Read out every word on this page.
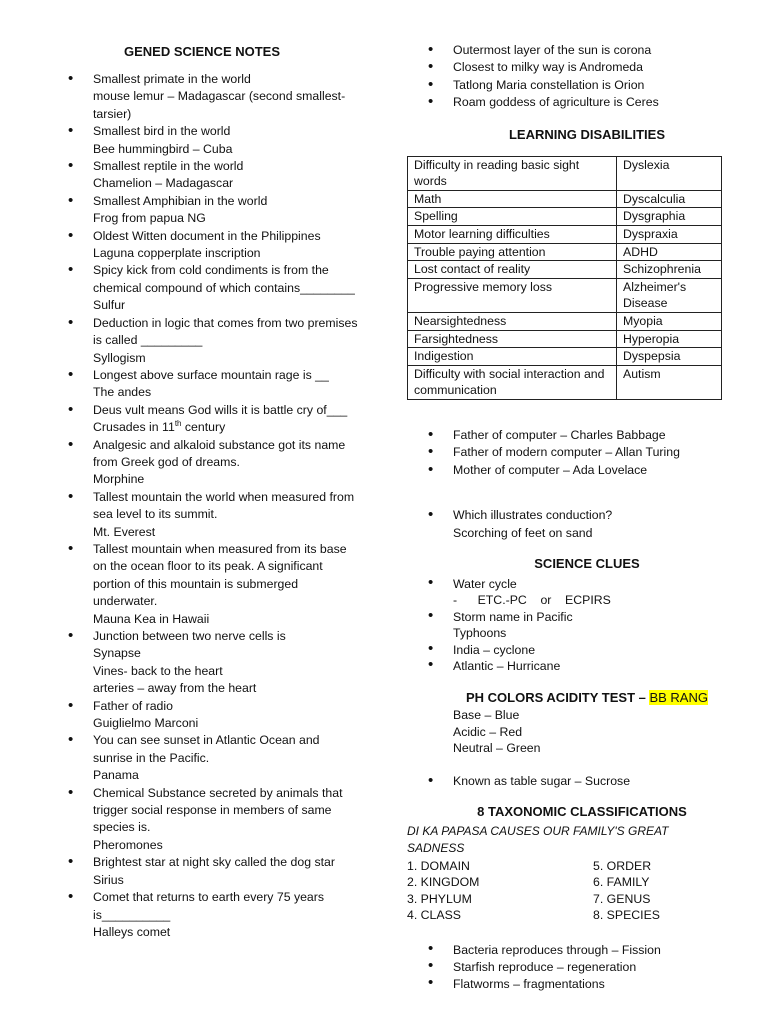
GENED SCIENCE NOTES
• Smallest primate in the world
mouse lemur – Madagascar (second smallest-tarsier)
• Smallest bird in the world
Bee hummingbird – Cuba
• Smallest reptile in the world
Chamelion – Madagascar
• Smallest Amphibian in the world
Frog from papua NG
• Oldest Witten document in the Philippines
Laguna copperplate inscription
• Spicy kick from cold condiments is from the chemical compound of which contains________
Sulfur
• Deduction in logic that comes from two premises is called _________
Syllogism
• Longest above surface mountain rage is __
The andes
• Deus vult means God wills it is battle cry of___
Crusades in 11th century
• Analgesic and alkaloid substance got its name from Greek god of dreams.
Morphine
• Tallest mountain the world when measured from sea level to its summit.
Mt. Everest
• Tallest mountain when measured from its base on the ocean floor to its peak. A significant portion of this mountain is submerged underwater.
Mauna Kea in Hawaii
• Junction between two nerve cells is
Synapse
Vines- back to the heart
arteries – away from the heart
• Father of radio
Guiglielmo Marconi
• You can see sunset in Atlantic Ocean and sunrise in the Pacific.
Panama
• Chemical Substance secreted by animals that trigger social response in members of same species is.
Pheromones
• Brightest star at night sky called the dog star
Sirius
• Comet that returns to earth every 75 years is__________
Halleys comet
• Outermost layer of the sun is corona
• Closest to milky way is Andromeda
• Tatlong Maria constellation is Orion
• Roam goddess of agriculture is Ceres
LEARNING DISABILITIES
Difficulty in reading basic sight words	Dyslexia
Math	Dyscalculia
Spelling	Dysgraphia
Motor learning difficulties	Dyspraxia
Trouble paying attention	ADHD
Lost contact of reality	Schizophrenia
Progressive memory loss	Alzheimer's Disease
Nearsightedness	Myopia
Farsightedness	Hyperopia
Indigestion	Dyspepsia
Difficulty with social interaction and communication	Autism
• Father of computer – Charles Babbage
• Father of modern computer – Allan Turing
• Mother of computer – Ada Lovelace
• Which illustrates conduction?
Scorching of feet on sand
SCIENCE CLUES
• Water cycle
-      ETC.-PC    or    ECPIRS
• Storm name in Pacific
Typhoons
• India – cyclone
• Atlantic – Hurricane
PH COLORS ACIDITY TEST – BB RANG
Base – Blue
Acidic – Red
Neutral – Green
• Known as table sugar – Sucrose
8 TAXONOMIC CLASSIFICATIONS
DI KA PAPASA CAUSES OUR FAMILY'S GREAT SADNESS
1. DOMAIN	5. ORDER
2. KINGDOM	6. FAMILY
3. PHYLUM	7. GENUS
4. CLASS	8. SPECIES
• Bacteria reproduces through – Fission
• Starfish reproduce – regeneration
• Flatworms – fragmentations
